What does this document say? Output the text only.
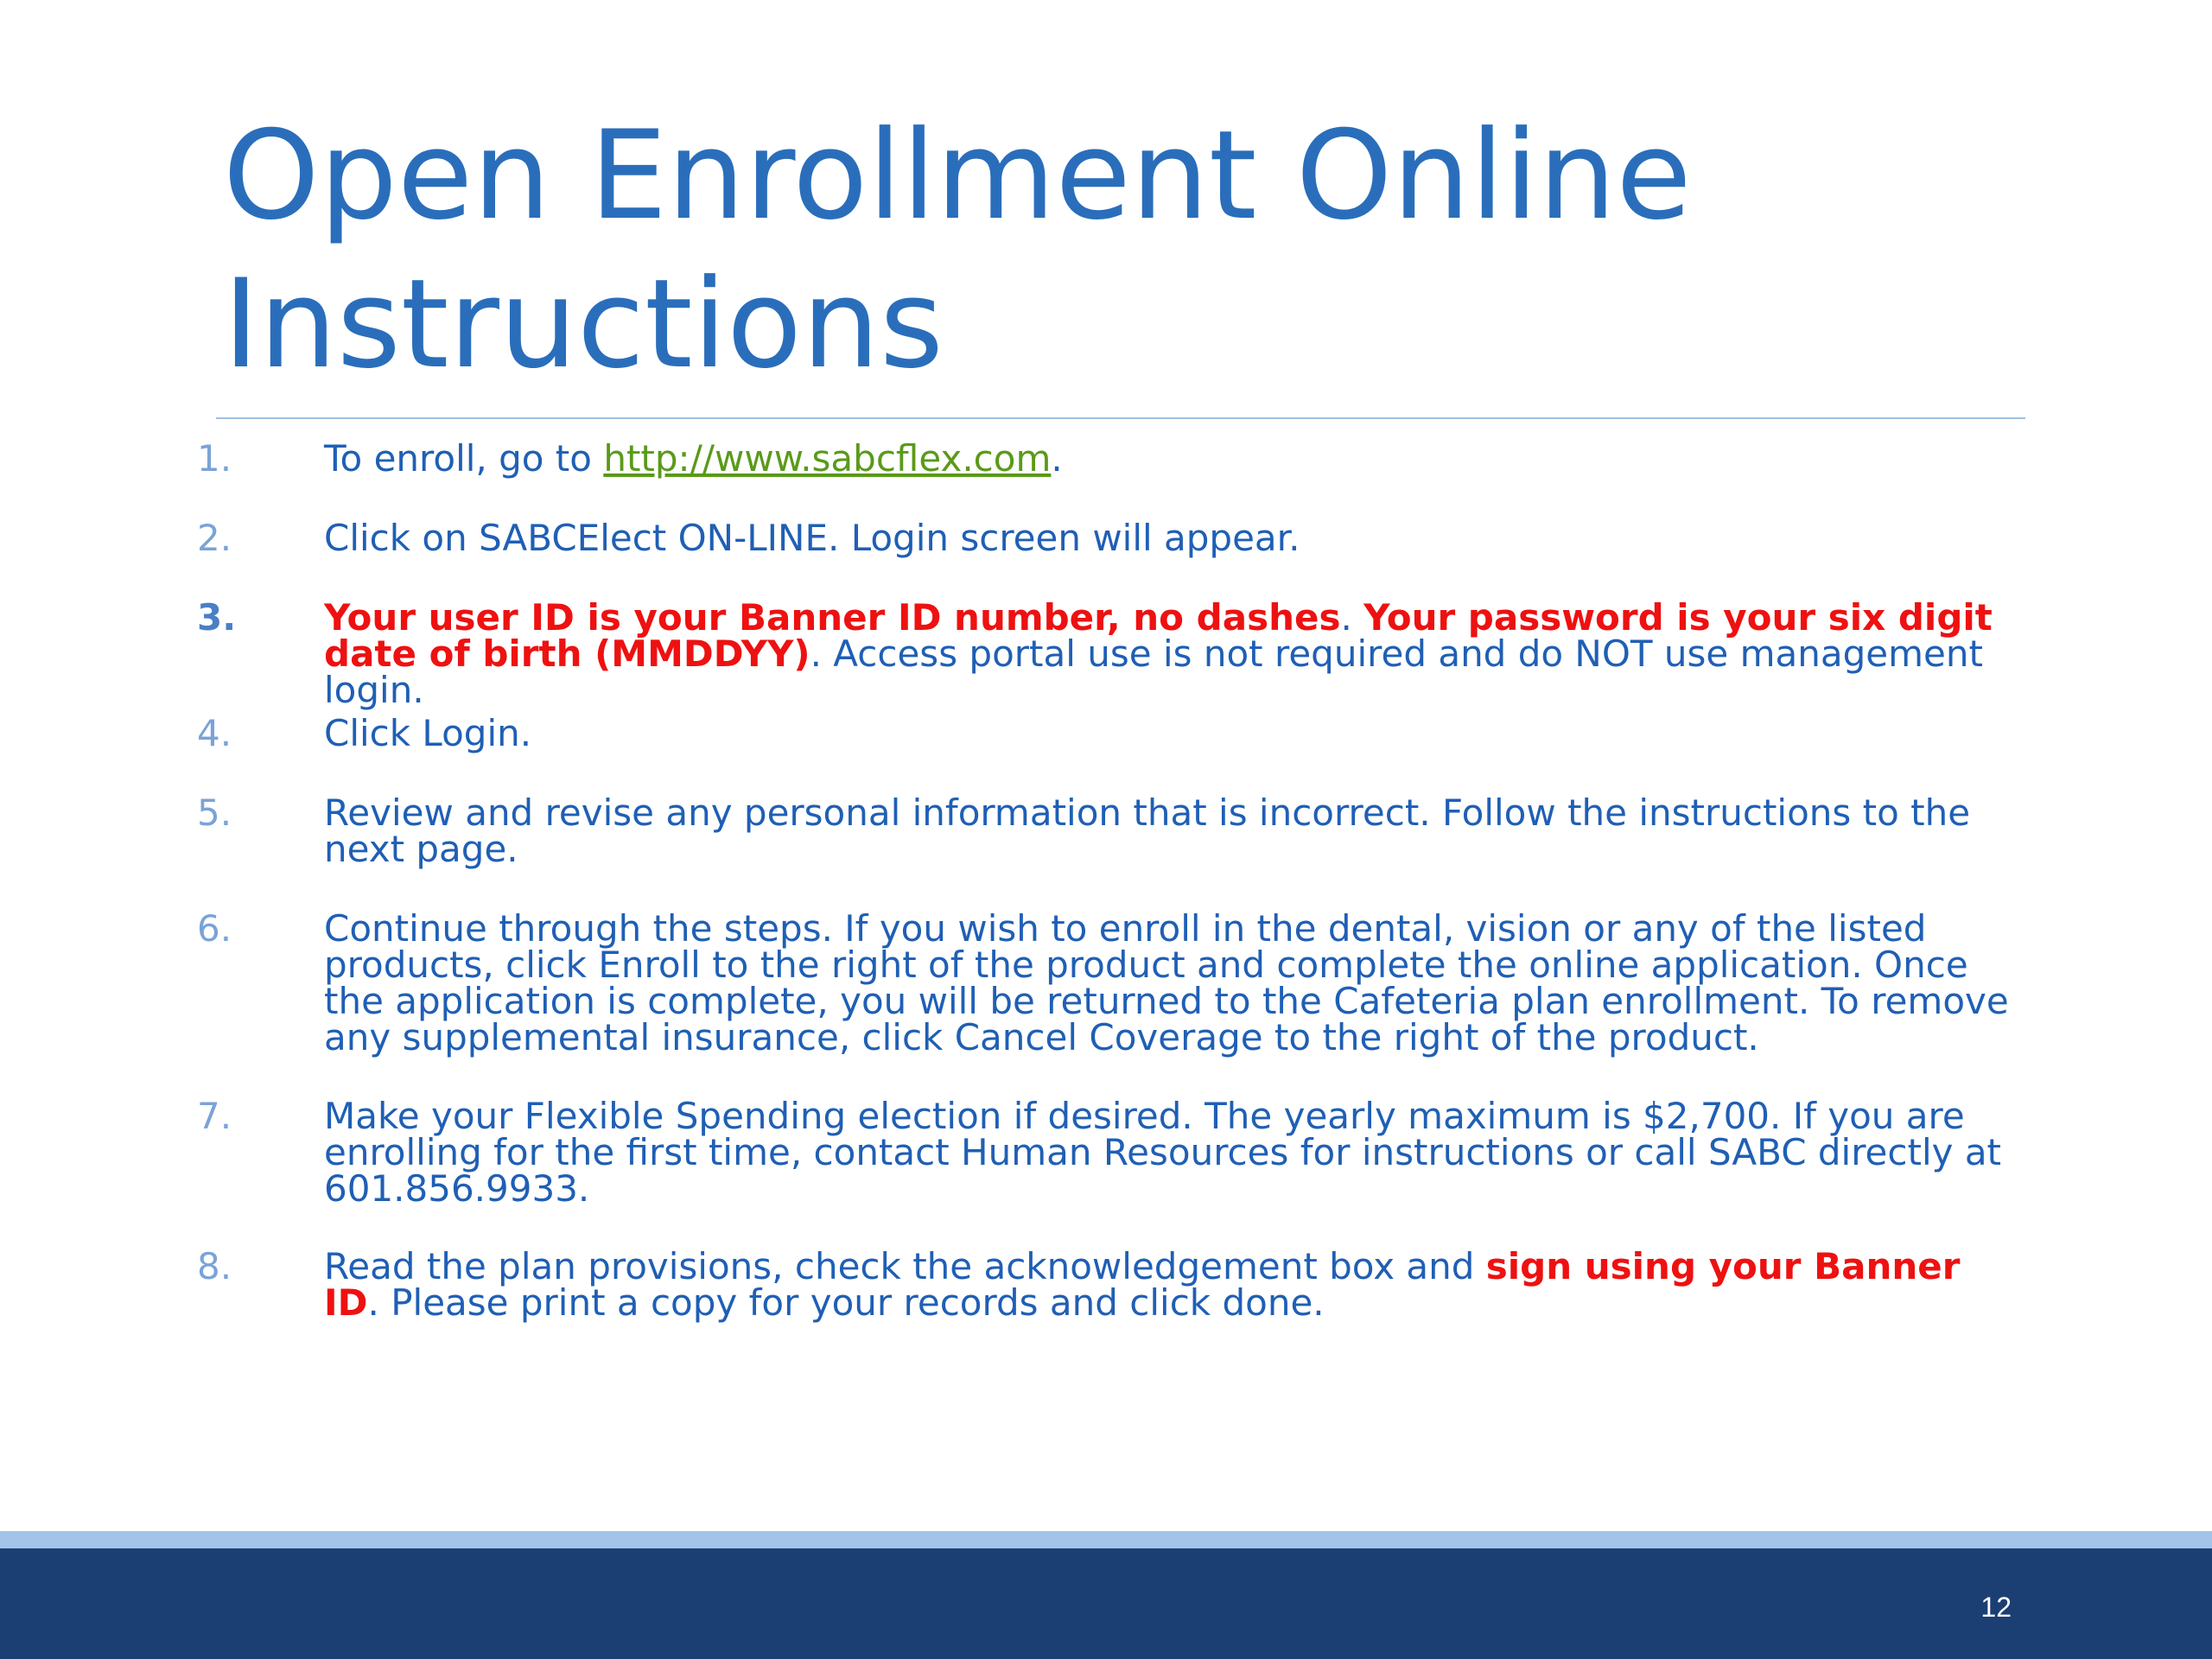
Open Enrollment Online
Instructions
1.	To enroll, go to http://www.sabcflex.com.
2.	Click on SABCElect ON-LINE. Login screen will appear.
3.	Your user ID is your Banner ID number, no dashes. Your password is your six digit date of birth (MMDDYY). Access portal use is not required and do NOT use management login.
4.	Click Login.
5.	Review and revise any personal information that is incorrect. Follow the instructions to the next page.
6.	Continue through the steps. If you wish to enroll in the dental, vision or any of the listed products, click Enroll to the right of the product and complete the online application. Once the application is complete, you will be returned to the Cafeteria plan enrollment. To remove any supplemental insurance, click Cancel Coverage to the right of the product.
7.	Make your Flexible Spending election if desired. The yearly maximum is $2,700. If you are enrolling for the first time, contact Human Resources for instructions or call SABC directly at 601.856.9933.
8.	Read the plan provisions, check the acknowledgement box and sign using your Banner ID. Please print a copy for your records and click done.
12
